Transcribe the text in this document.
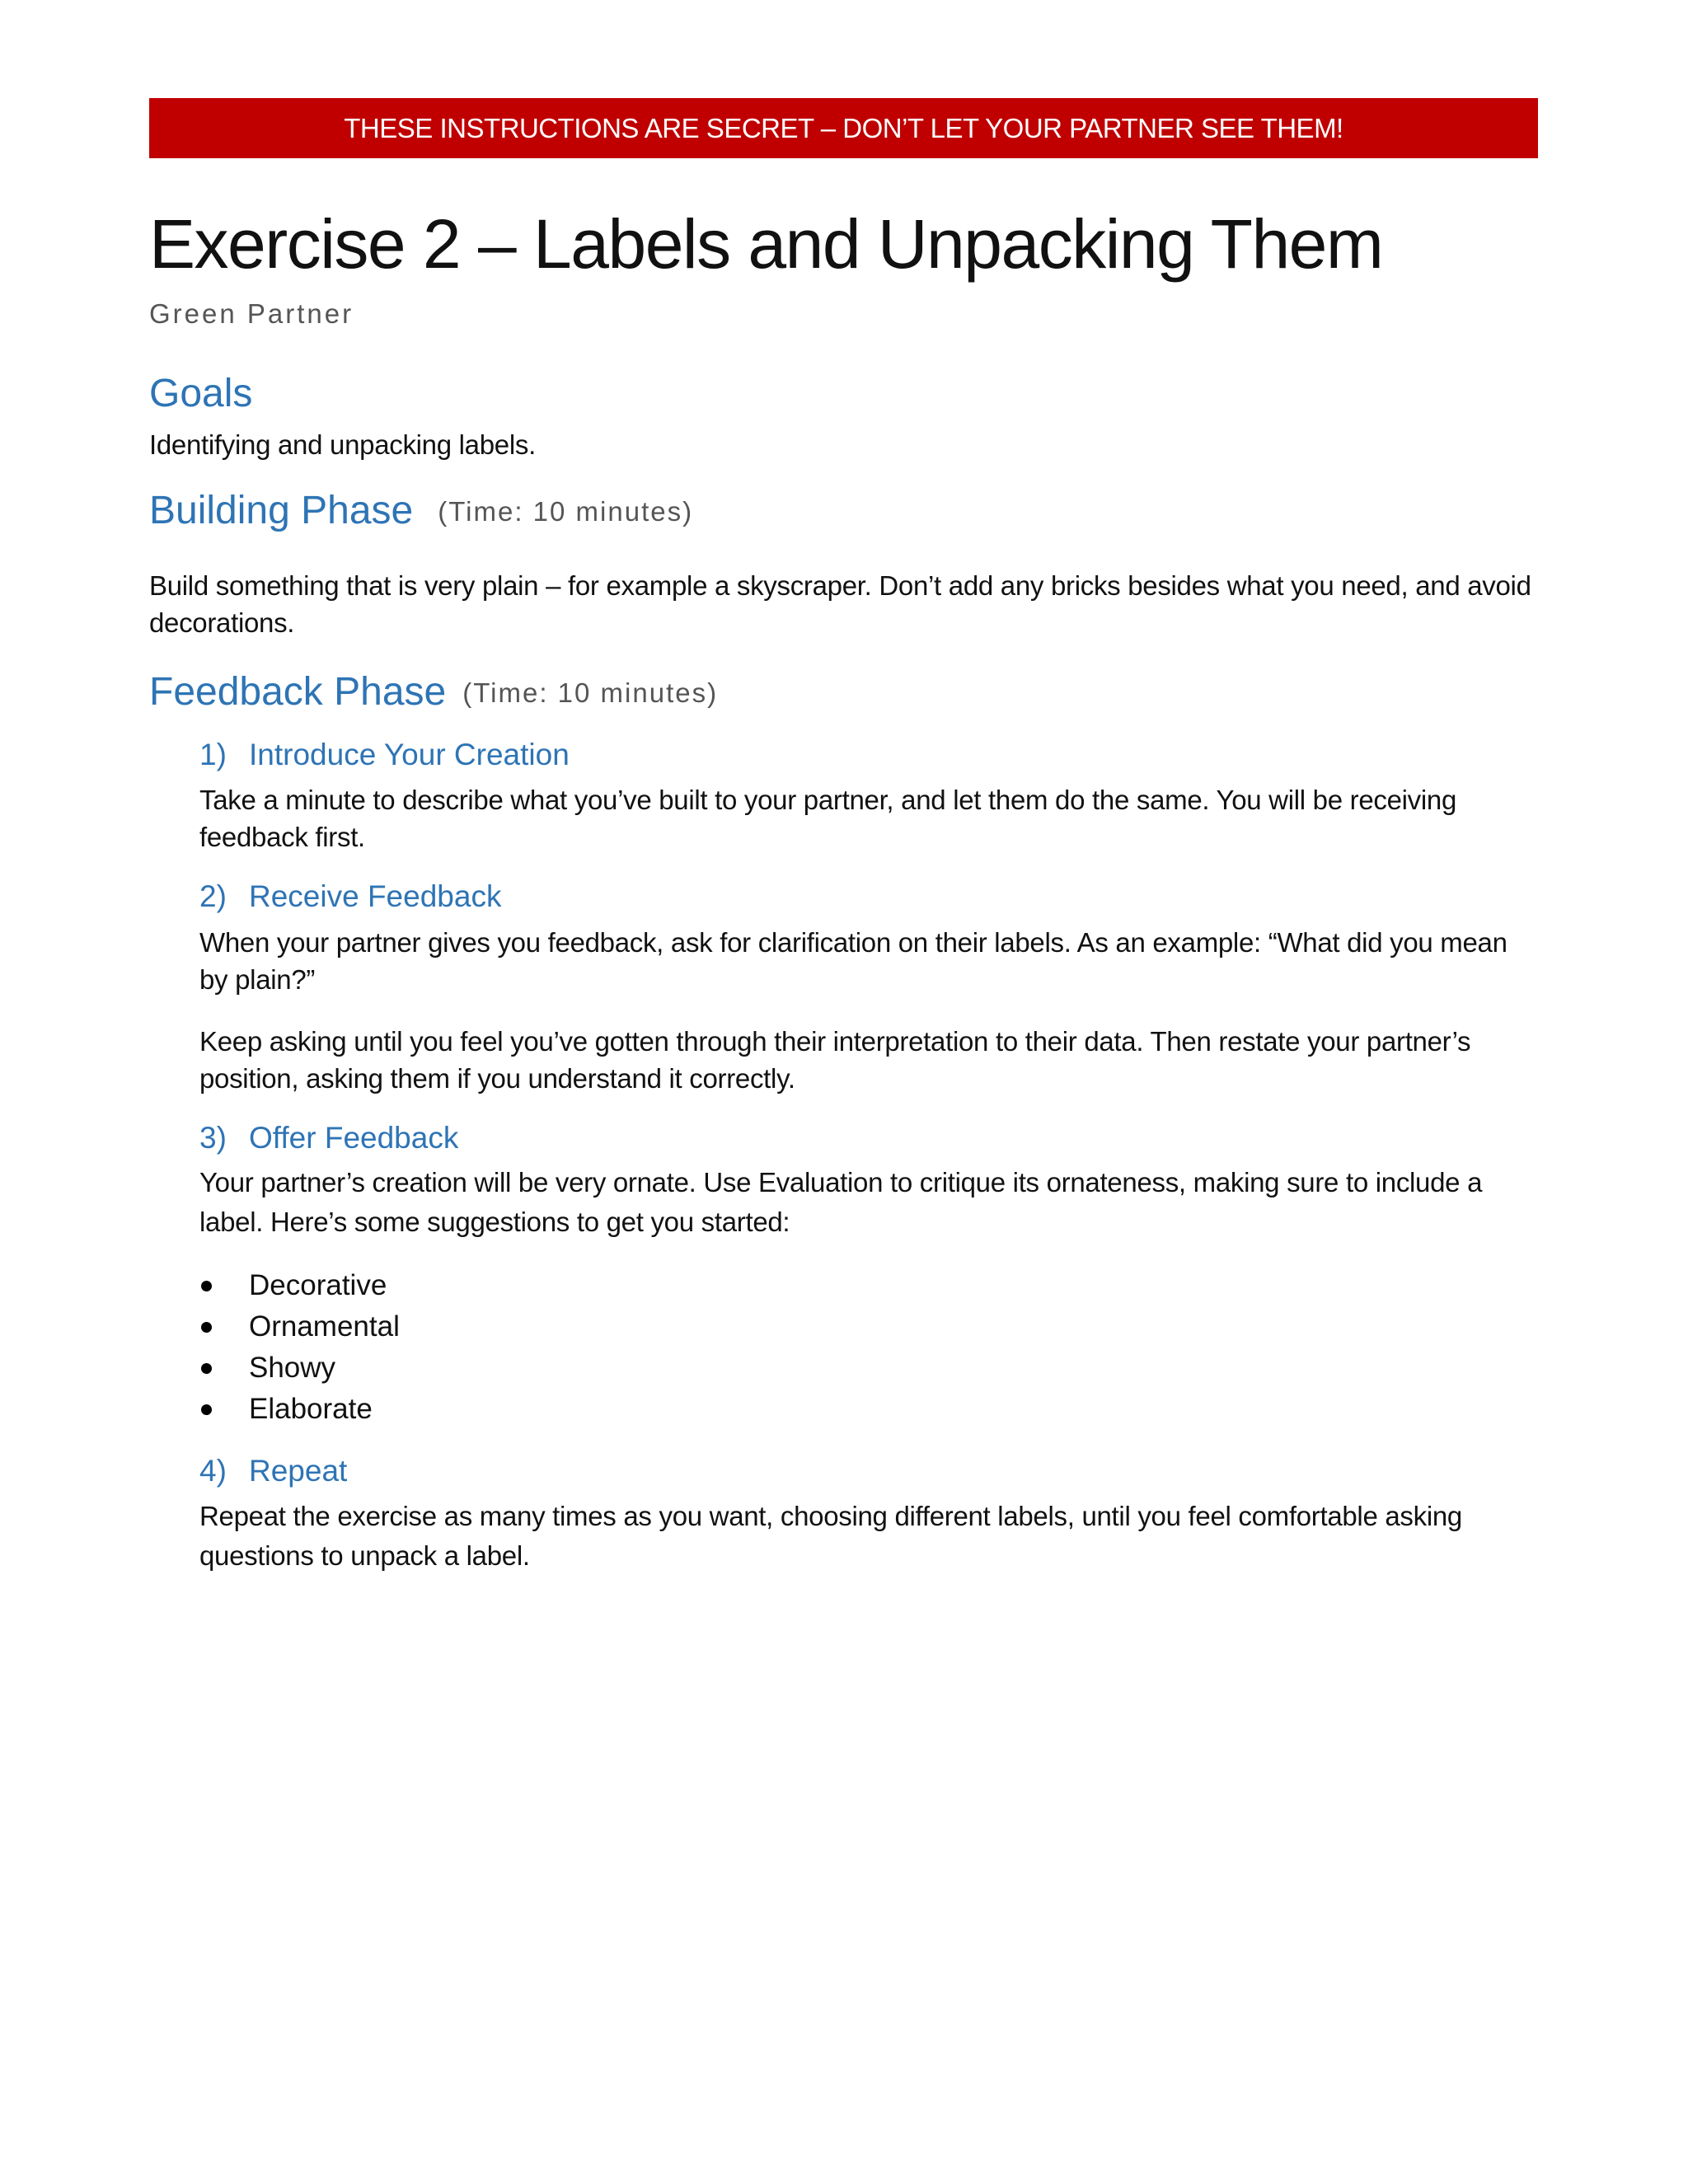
THESE INSTRUCTIONS ARE SECRET – DON’T LET YOUR PARTNER SEE THEM!
Exercise 2 – Labels and Unpacking Them
Green Partner
Goals
Identifying and unpacking labels.
Building Phase (Time: 10 minutes)
Build something that is very plain – for example a skyscraper. Don’t add any bricks besides what you need, and avoid decorations.
Feedback Phase (Time: 10 minutes)
1) Introduce Your Creation
Take a minute to describe what you’ve built to your partner, and let them do the same. You will be receiving feedback first.
2) Receive Feedback
When your partner gives you feedback, ask for clarification on their labels. As an example: “What did you mean by plain?”
Keep asking until you feel you’ve gotten through their interpretation to their data. Then restate your partner’s position, asking them if you understand it correctly.
3) Offer Feedback
Your partner’s creation will be very ornate. Use Evaluation to critique its ornateness, making sure to include a label. Here’s some suggestions to get you started:
Decorative
Ornamental
Showy
Elaborate
4) Repeat
Repeat the exercise as many times as you want, choosing different labels, until you feel comfortable asking questions to unpack a label.
